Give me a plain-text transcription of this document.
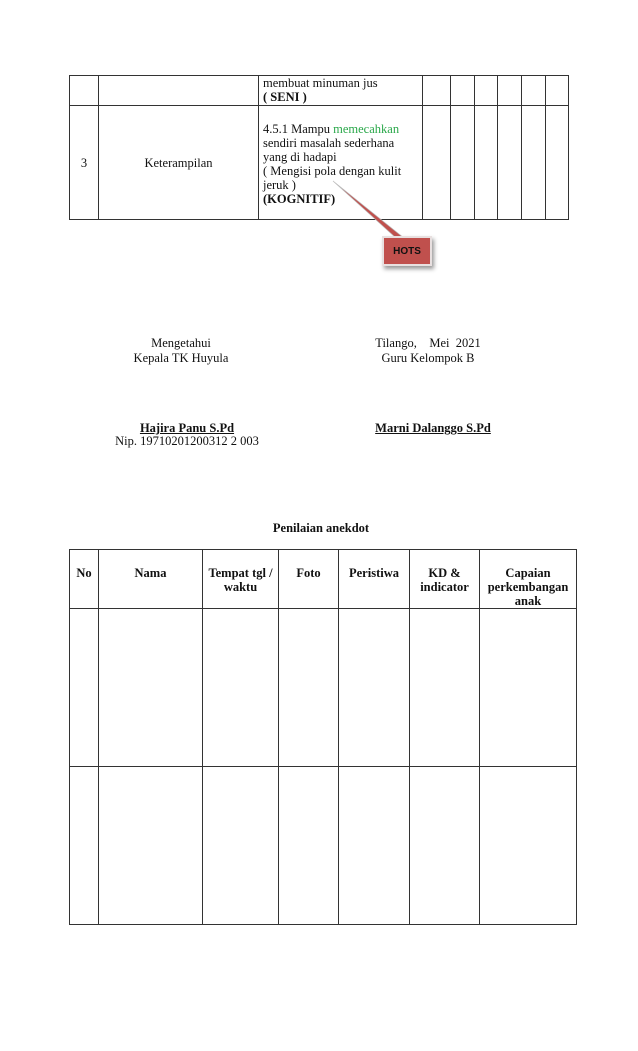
		membuat minuman jus
( SENI )						

3	Keterampilan	4.5.1 Mampu memecahkan
sendiri masalah sederhana yang di hadapi
( Mengisi pola dengan kulit jeruk )
(KOGNITIF)						

HOTS
Mengetahui
Kepala TK Huyula
Tilango,    Mei  2021
Guru Kelompok B
Hajira Panu S.Pd
Nip. 19710201200312 2 003
Marni Dalanggo S.Pd
Penilaian anekdot
No	Nama	Tempat tgl / waktu	Foto	Peristiwa	KD & indicator	Capaian perkembangan anak
